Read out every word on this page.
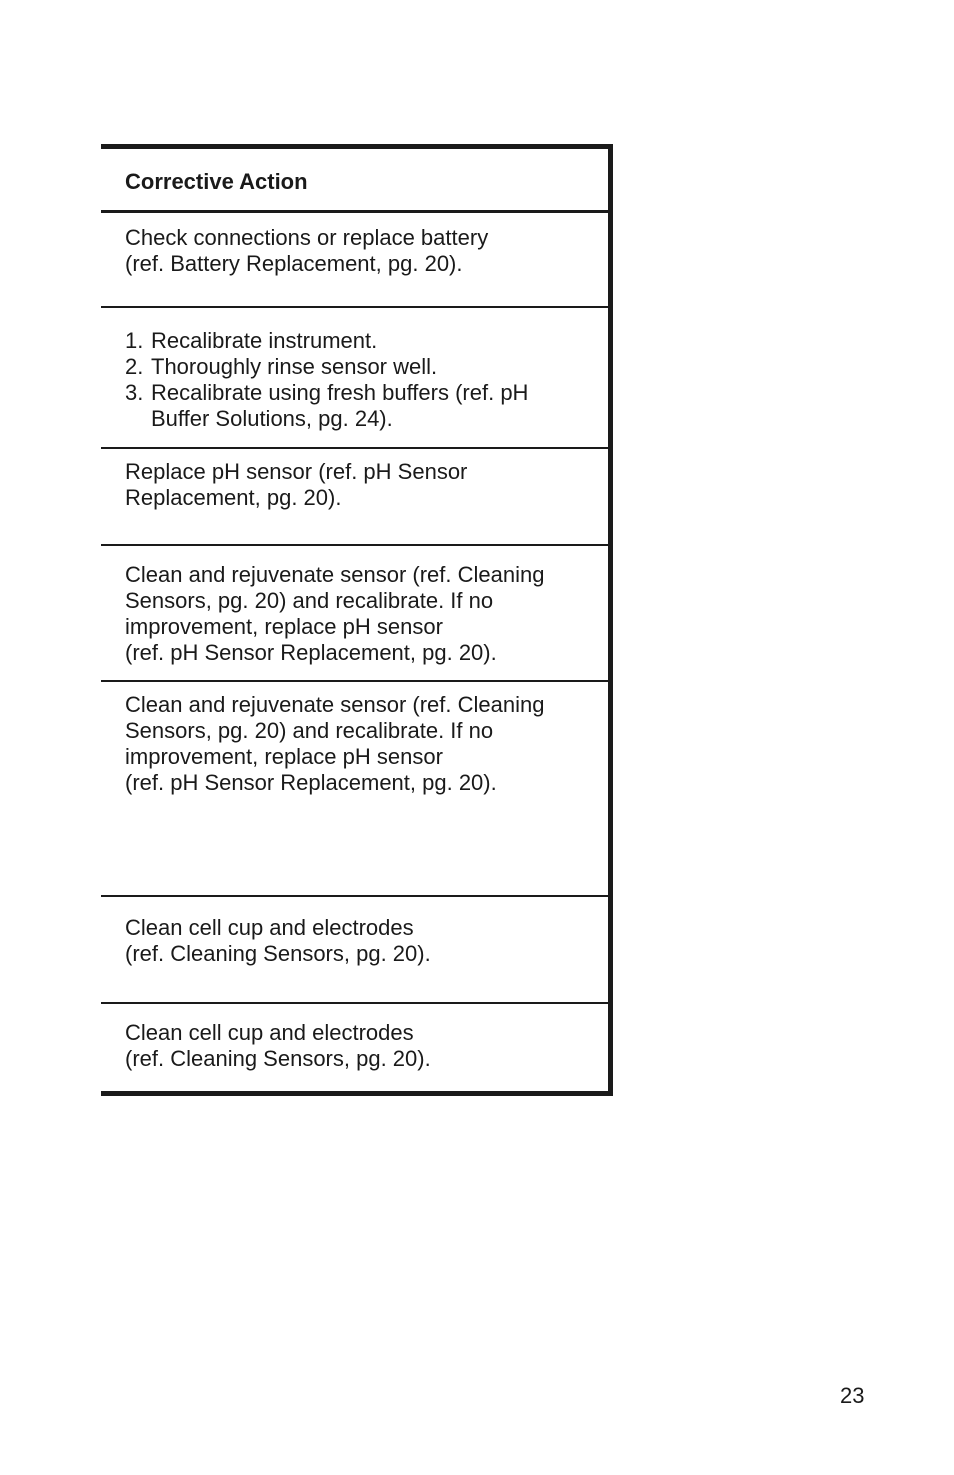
Corrective Action
Check connections or replace battery
(ref. Battery Replacement, pg. 20).
1. Recalibrate instrument.
2. Thoroughly rinse sensor well.
3. Recalibrate using fresh buffers (ref. pH
Buffer Solutions, pg. 24).
Replace pH sensor (ref. pH Sensor
Replacement, pg. 20).
Clean and rejuvenate sensor (ref. Cleaning
Sensors, pg. 20) and recalibrate. If no
improvement, replace pH sensor
(ref. pH Sensor Replacement, pg. 20).
Clean and rejuvenate sensor (ref. Cleaning
Sensors, pg. 20) and recalibrate. If no
improvement, replace pH sensor
(ref. pH Sensor Replacement, pg. 20).
Clean cell cup and electrodes
(ref. Cleaning Sensors, pg. 20).
Clean cell cup and electrodes
(ref. Cleaning Sensors, pg. 20).
23
